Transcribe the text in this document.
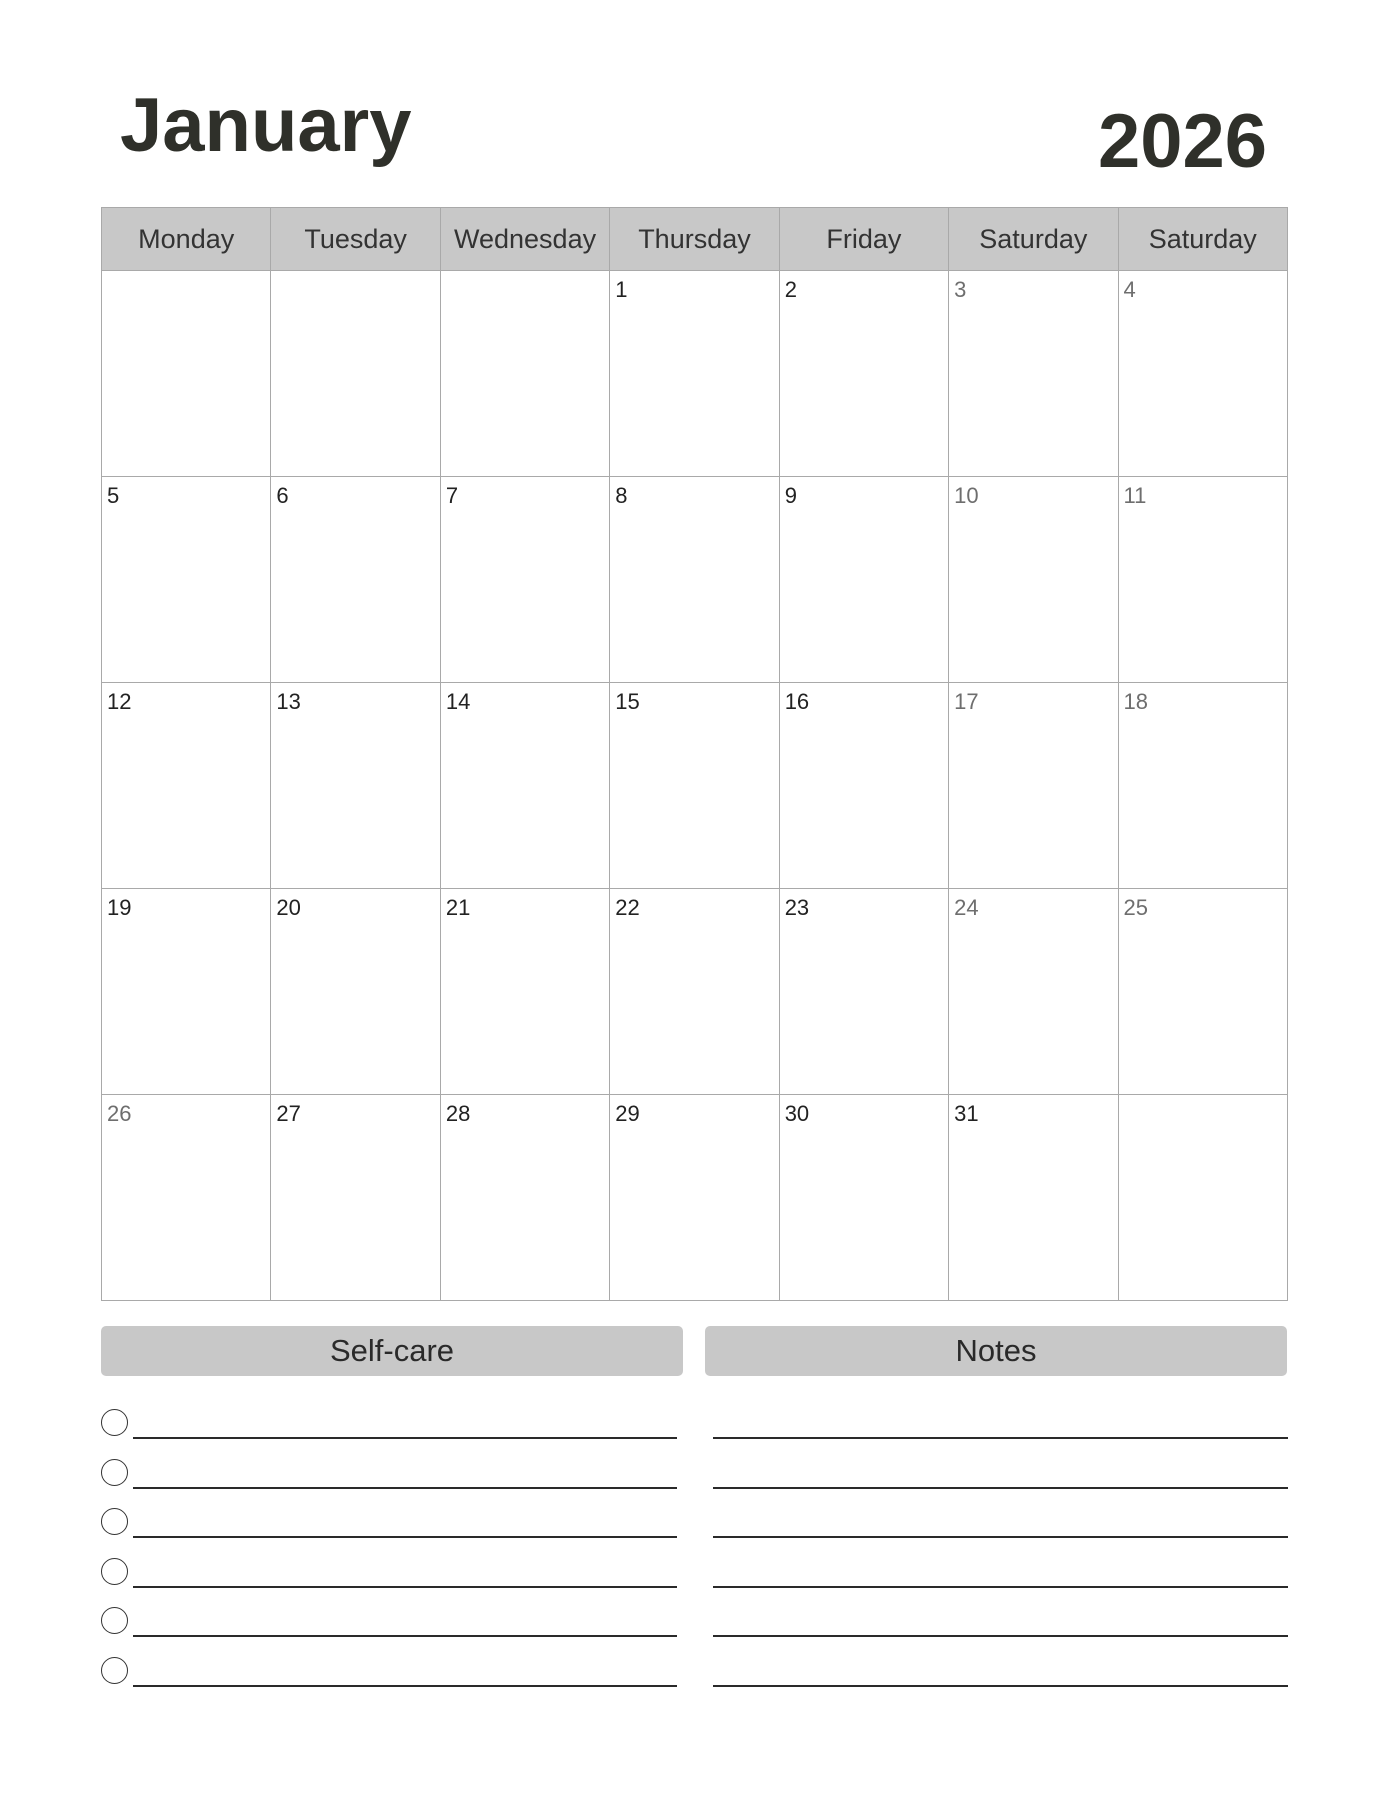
January	2026
Monday	Tuesday	Wednesday	Thursday	Friday	Saturday	Saturday

			1	2	3	4

5	6	7	8	9	10	11

12	13	14	15	16	17	18

19	20	21	22	23	24	25

26	27	28	29	30	31	

Self-care	Notes
